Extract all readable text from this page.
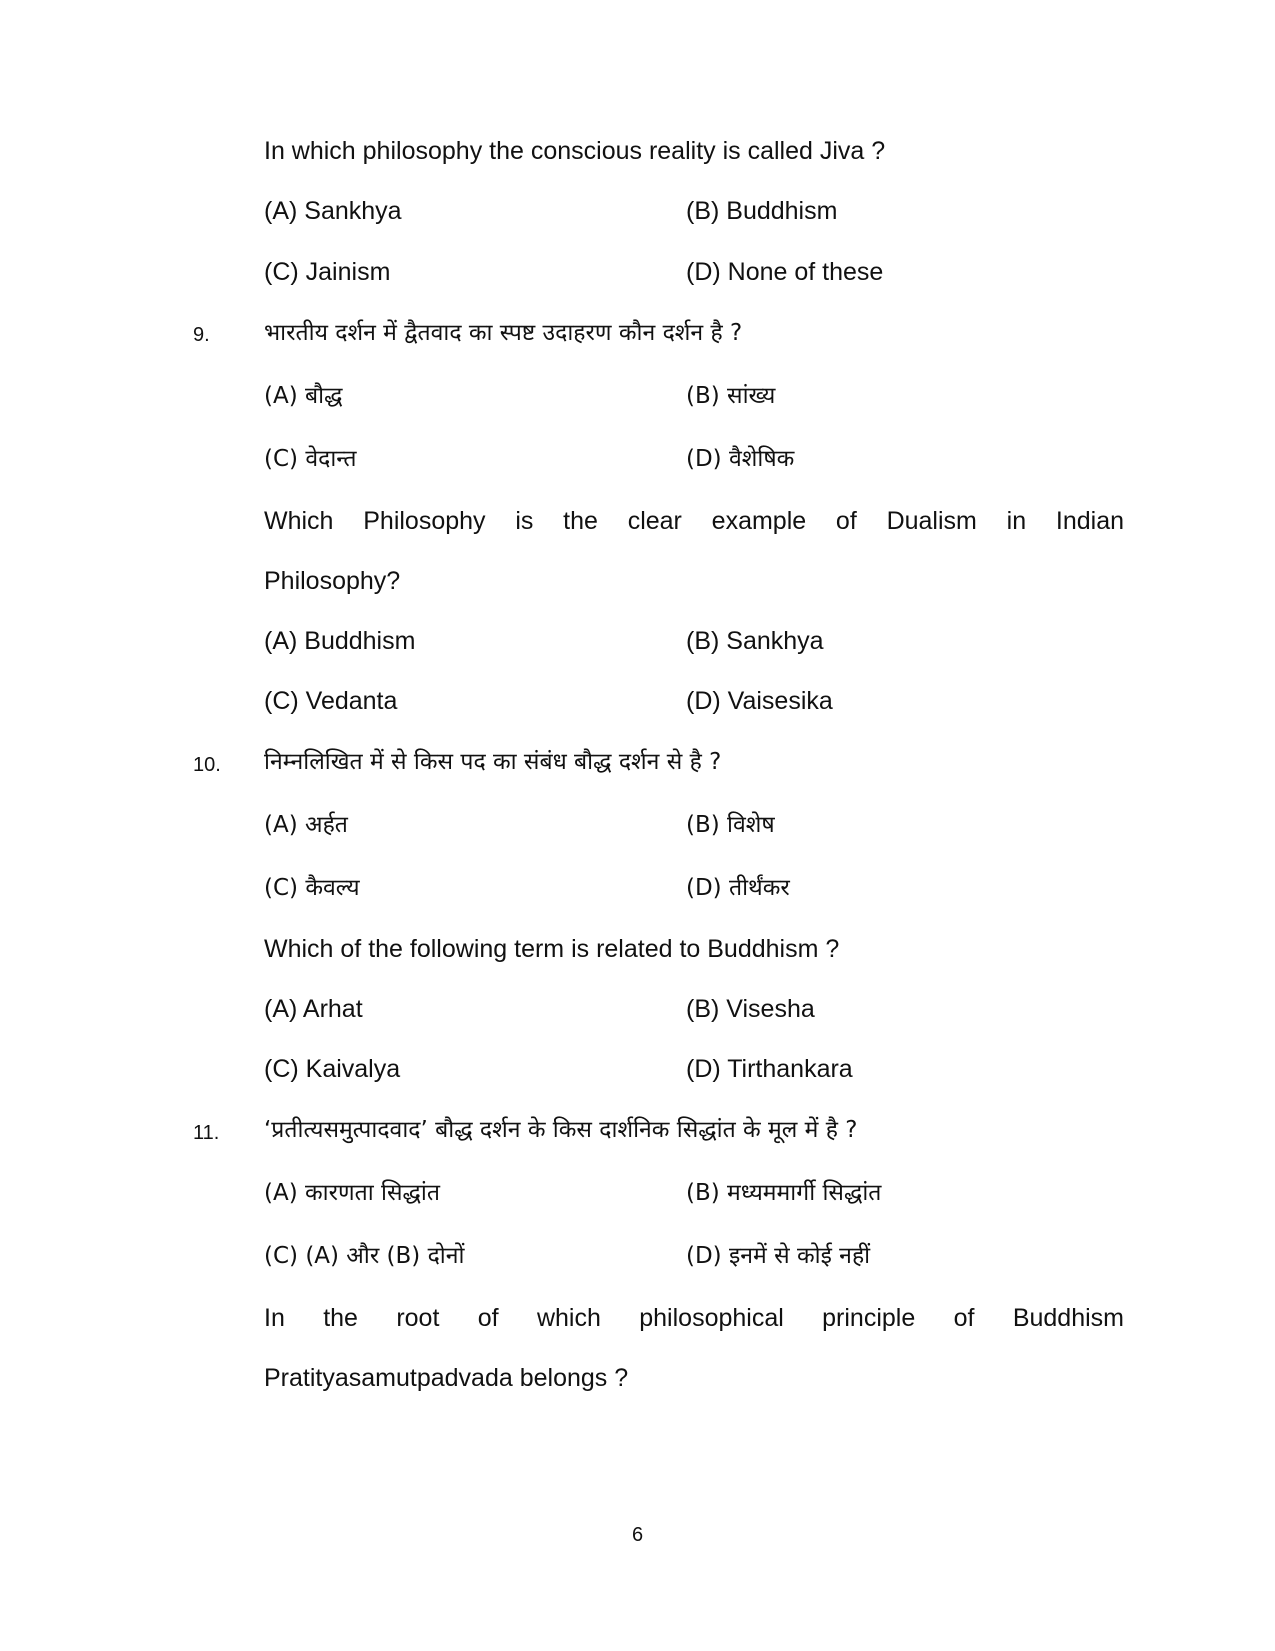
In which philosophy the conscious reality is called Jiva ?
(A) Sankhya	(B) Buddhism
(C) Jainism	(D) None of these
9. भारतीय दर्शन में द्वैतवाद का स्पष्ट उदाहरण कौन दर्शन है ?
(A) बौद्ध	(B) सांख्य
(C) वेदान्त	(D) वैशेषिक
Which Philosophy is the clear example of Dualism in Indian
Philosophy?
(A) Buddhism	(B) Sankhya
(C) Vedanta	(D) Vaisesika
10. निम्नलिखित में से किस पद का संबंध बौद्ध दर्शन से है ?
(A) अर्हत	(B) विशेष
(C) कैवल्य	(D) तीर्थंकर
Which of the following term is related to Buddhism ?
(A) Arhat	(B) Visesha
(C) Kaivalya	(D) Tirthankara
11. ‘प्रतीत्यसमुत्पादवाद’ बौद्ध दर्शन के किस दार्शनिक सिद्धांत के मूल में है ?
(A) कारणता सिद्धांत	(B) मध्यममार्गी सिद्धांत
(C) (A) और (B) दोनों	(D) इनमें से कोई नहीं
In the root of which philosophical principle of Buddhism
Pratityasamutpadvada belongs ?
6
